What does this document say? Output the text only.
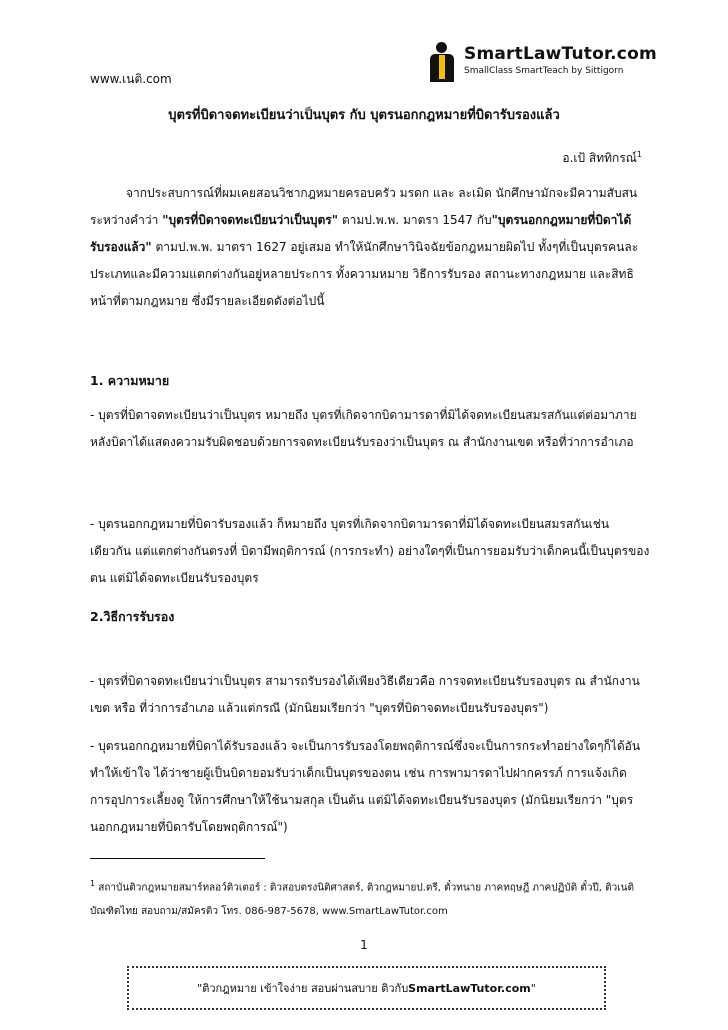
www.เนติ.com
SmartLawTutor.com
SmallClass SmartTeach by Sittigorn
บุตรที่บิดาจดทะเบียนว่าเป็นบุตร กับ บุตรนอกกฎหมายที่บิดารับรองแล้ว
อ.เป้ สิททิกรณ์$^1$

จากประสบการณ์ที่ผมเคยสอนวิชากฎหมายครอบครัว มรดก และ ละเมิด นักศึกษามักจะมีความสับสนระหว่างคำว่า "บุตรที่บิดาจดทะเบียนว่าเป็นบุตร" ตามป.พ.พ. มาตรา 1547 กับ"บุตรนอกกฎหมายที่บิดาได้รับรองแล้ว" ตามป.พ.พ. มาตรา 1627 อยู่เสมอ ทำให้นักศึกษาวินิจฉัยข้อกฎหมายผิดไป ทั้งๆที่เป็นบุตรคนละประเภทและมีความแตกต่างกันอยู่หลายประการ ทั้งความหมาย วิธีการรับรอง สถานะทางกฎหมาย และสิทธิหน้าที่ตามกฎหมาย ซึ่งมีรายละเอียดดังต่อไปนี้

1. ความหมาย

- บุตรที่บิดาจดทะเบียนว่าเป็นบุตร หมายถึง บุตรที่เกิดจากบิดามารดาที่มิได้จดทะเบียนสมรสกันแต่ต่อมาภายหลังบิดาได้แสดงความรับผิดชอบด้วยการจดทะเบียนรับรองว่าเป็นบุตร ณ สำนักงานเขต หรือที่ว่าการอำเภอ

- บุตรนอกกฎหมายที่บิดารับรองแล้ว ก็หมายถึง บุตรที่เกิดจากบิดามารดาที่มิได้จดทะเบียนสมรสกันเช่นเดียวกัน แต่แตกต่างกันตรงที่ บิดามีพฤติการณ์ (การกระทำ) อย่างใดๆที่เป็นการยอมรับว่าเด็กคนนี้เป็นบุตรของตน แต่มิได้จดทะเบียนรับรองบุตร

2.วิธีการรับรอง

- บุตรที่บิดาจดทะเบียนว่าเป็นบุตร สามารถรับรองได้เพียงวิธีเดียวคือ การจดทะเบียนรับรองบุตร ณ สำนักงานเขต หรือ ที่ว่าการอำเภอ แล้วแต่กรณี (มักนิยมเรียกว่า "บุตรที่บิดาจดทะเบียนรับรองบุตร")

- บุตรนอกกฎหมายที่บิดาได้รับรองแล้ว จะเป็นการรับรองโดยพฤติการณ์ซึ่งจะเป็นการกระทำอย่างใดๆก็ได้อันทำให้เข้าใจ ได้ว่าชายผู้เป็นบิดายอมรับว่าเด็กเป็นบุตรของตน เช่น การพามารดาไปฝากครรภ์ การแจ้งเกิด การอุปการะเลี้ยงดู ให้การศึกษาให้ใช้นามสกุล เป็นต้น แต่มิได้จดทะเบียนรับรองบุตร (มักนิยมเรียกว่า "บุตรนอกกฎหมายที่บิดารับโดยพฤติการณ์")

$^1$ สถาบันติวกฎหมายสมาร์ทลอว์ติวเตอร์ : ติวสอบตรงนิติศาสตร์, ติวกฎหมายป.ตรี, ตั๋วทนาย ภาคทฤษฎี ภาคปฏิบัติ ตั๋วปี, ติวเนติบัณฑิตไทย สอบถาม/สมัครติว โทร. 086-987-5678, www.SmartLawTutor.com
1
"ติวกฎหมาย เข้าใจง่าย สอบผ่านสบาย ติวกับ SmartLawTutor.com "
